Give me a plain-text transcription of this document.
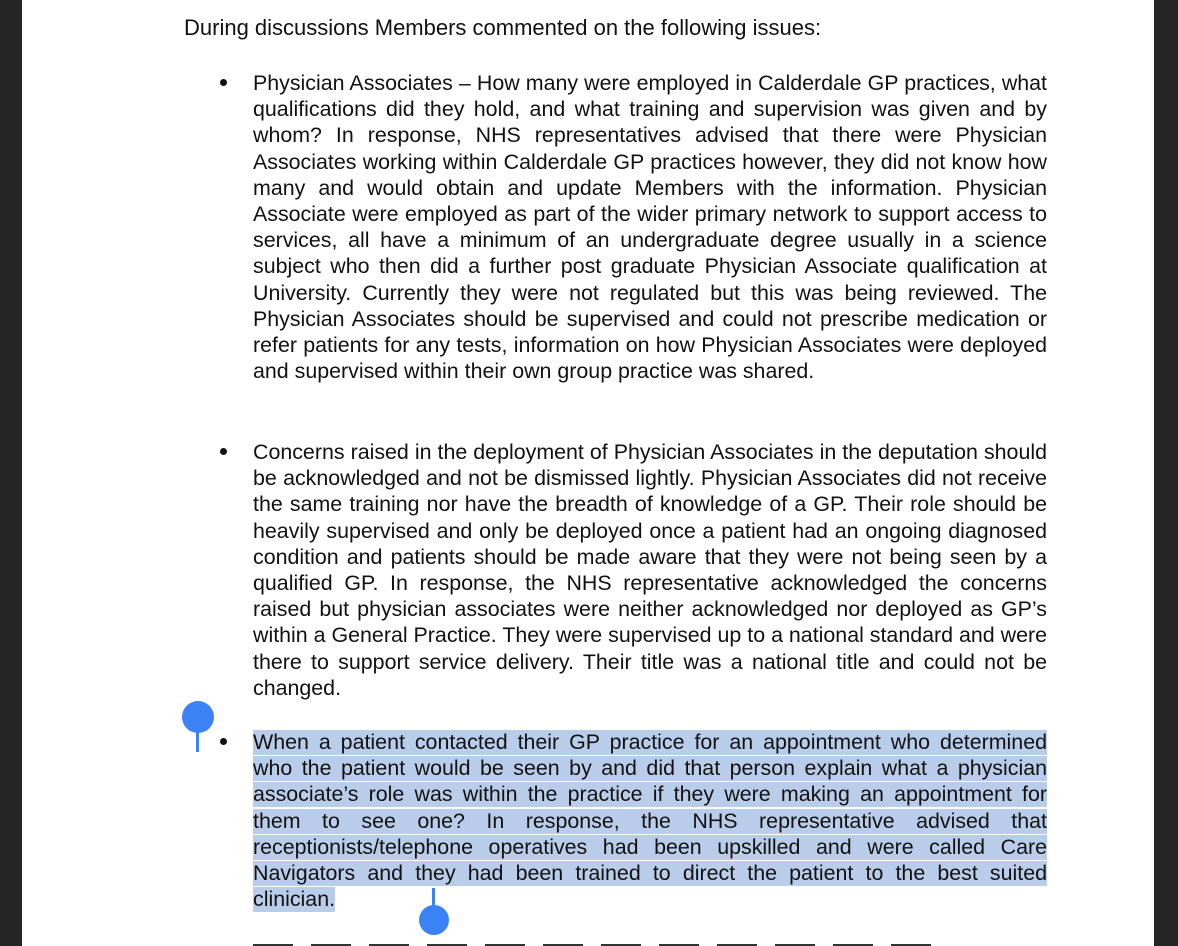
During discussions Members commented on the following issues:
Physician Associates – How many were employed in Calderdale GP practices, what qualifications did they hold, and what training and supervision was given and by whom? In response, NHS representatives advised that there were Physician Associates working within Calderdale GP practices however, they did not know how many and would obtain and update Members with the information. Physician Associate were employed as part of the wider primary network to support access to services, all have a minimum of an undergraduate degree usually in a science subject who then did a further post graduate Physician Associate qualification at University. Currently they were not regulated but this was being reviewed. The Physician Associates should be supervised and could not prescribe medication or refer patients for any tests, information on how Physician Associates were deployed and supervised within their own group practice was shared.
Concerns raised in the deployment of Physician Associates in the deputation should be acknowledged and not be dismissed lightly. Physician Associates did not receive the same training nor have the breadth of knowledge of a GP. Their role should be heavily supervised and only be deployed once a patient had an ongoing diagnosed condition and patients should be made aware that they were not being seen by a qualified GP. In response, the NHS representative acknowledged the concerns raised but physician associates were neither acknowledged nor deployed as GP’s within a General Practice. They were supervised up to a national standard and were there to support service delivery. Their title was a national title and could not be changed.
When a patient contacted their GP practice for an appointment who determined who the patient would be seen by and did that person explain what a physician associate’s role was within the practice if they were making an appointment for them to see one? In response, the NHS representative advised that receptionists/telephone operatives had been upskilled and were called Care Navigators and they had been trained to direct the patient to the best suited clinician.
